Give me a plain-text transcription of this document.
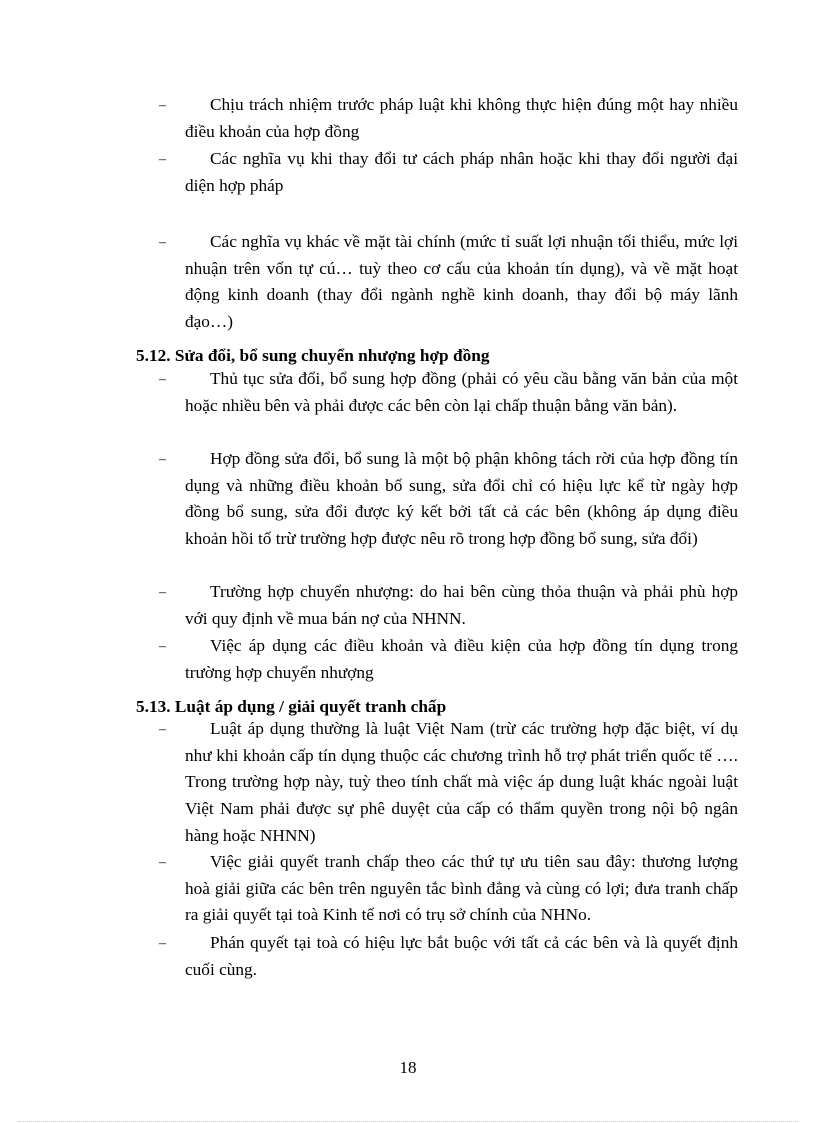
–	Chịu trách nhiệm trước pháp luật khi không thực hiện đúng một hay nhiều điều khoản của hợp đồng

–	Các nghĩa vụ khi thay đổi tư cách pháp nhân hoặc khi thay đổi người đại diện hợp pháp

–	Các nghĩa vụ khác về mặt tài chính (mức tỉ suất lợi nhuận tối thiểu, mức lợi nhuận trên vốn tự cú… tuỳ theo cơ cấu của khoản tín dụng), và về mặt hoạt động kinh doanh (thay đổi ngành nghề kinh doanh, thay đổi bộ máy lãnh đạo…)

5.12. Sửa đổi, bổ sung chuyển nhượng hợp đồng
–	Thủ tục sửa đổi, bổ sung hợp đồng (phải có yêu cầu bằng văn bản của một hoặc nhiều bên và phải được các bên còn lại chấp thuận bằng văn bản).

–	Hợp đồng sửa đổi, bổ sung là một bộ phận không tách rời của hợp đồng tín dụng và những điều khoản bổ sung, sửa đổi chỉ có hiệu lực kể từ ngày hợp đồng bổ sung, sửa đổi được ký kết bởi tất cả các bên (không áp dụng điều khoản hồi tố trừ trường hợp được nêu rõ trong hợp đồng bổ sung, sửa đổi)

–	Trường hợp chuyển nhượng: do hai bên cùng thỏa thuận và phải phù hợp với quy định về mua bán nợ của NHNN.

–	Việc áp dụng các điều khoản và điều kiện của hợp đồng tín dụng trong trường hợp chuyển nhượng

5.13. Luật áp dụng / giải quyết tranh chấp
–	Luật áp dụng thường là luật Việt Nam (trừ các trường hợp đặc biệt, ví dụ như khi khoản cấp tín dụng thuộc các chương trình hỗ trợ phát triển quốc tế …. Trong trường hợp này, tuỳ theo tính chất mà việc áp dung luật khác ngoài luật Việt Nam phải được sự phê duyệt của cấp có thẩm quyền trong nội bộ ngân hàng hoặc NHNN)

–	Việc giải quyết tranh chấp theo các thứ tự ưu tiên sau đây: thương lượng hoà giải giữa các bên trên nguyên tắc bình đẳng và cùng có lợi; đưa tranh chấp ra giải quyết tại toà Kinh tế nơi có trụ sở chính của NHNo.

–	Phán quyết tại toà có hiệu lực bắt buộc với tất cả các bên và là quyết định cuối cùng.

18
